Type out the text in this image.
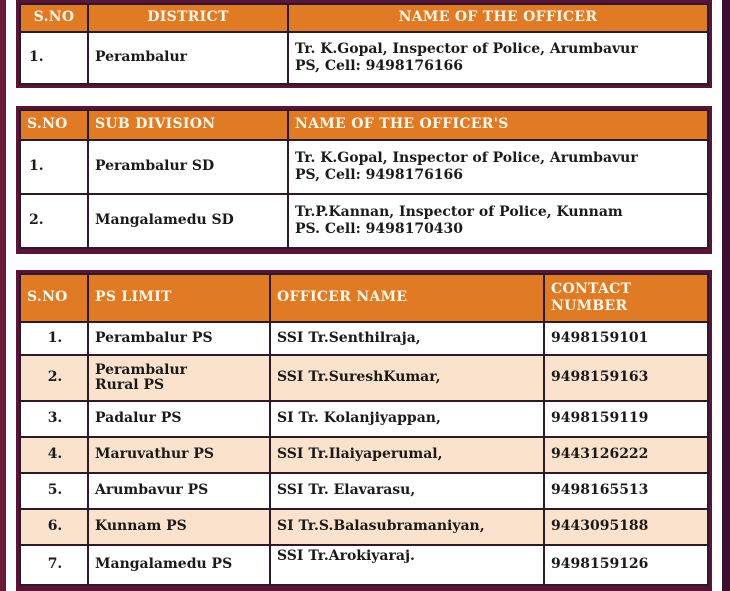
S.NO	DISTRICT	NAME OF THE OFFICER
1.	Perambalur	Tr. K.Gopal, Inspector of Police, Arumbavur
PS, Cell: 9498176166
S.NO	SUB DIVISION	NAME OF THE OFFICER'S
1.	Perambalur SD	Tr. K.Gopal, Inspector of Police, Arumbavur
PS, Cell: 9498176166

2.	Mangalamedu SD	Tr.P.Kannan, Inspector of Police, Kunnam
PS. Cell: 9498170430
S.NO	PS LIMIT	OFFICER NAME	CONTACT
NUMBER

1.	Perambalur PS	SSI Tr.Senthilraja,	9498159101
2.	Perambalur
Rural PS	SSI Tr.SureshKumar,	9498159163
3.	Padalur PS	SI Tr. Kolanjiyappan,	9498159119
4.	Maruvathur PS	SSI Tr.Ilaiyaperumal,	9443126222
5.	Arumbavur PS	SSI Tr. Elavarasu,	9498165513
6.	Kunnam PS	SI Tr.S.Balasubramaniyan,	9443095188
7.	Mangalamedu PS	SSI Tr.Arokiyaraj.	9498159126
